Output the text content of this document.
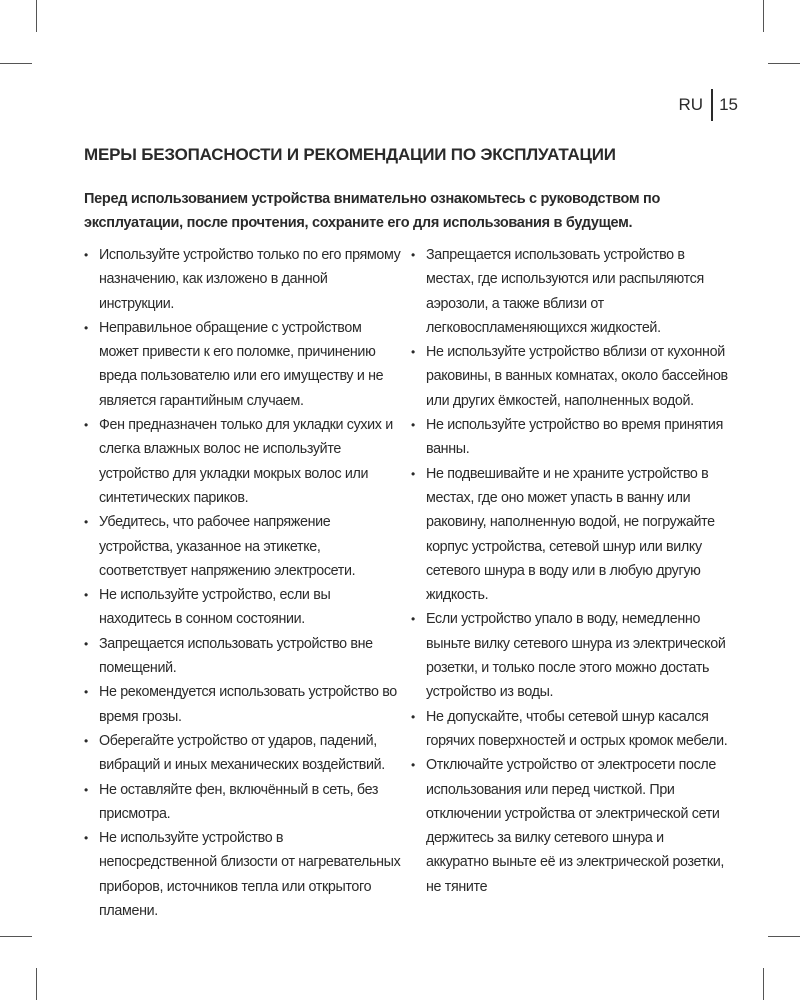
RU 15
МЕРЫ БЕЗОПАСНОСТИ И РЕКОМЕНДАЦИИ ПО ЭКСПЛУАТАЦИИ
Перед использованием устройства внимательно ознакомьтесь с руководством по эксплуатации, после прочтения, сохраните его для использования в будущем.
• Используйте устройство только по его прямому назначению, как изложено в данной инструкции.
• Неправильное обращение с устройством может привести к его поломке, причинению вреда пользователю или его имуществу и не является гарантийным случаем.
• Фен предназначен только для укладки сухих и слегка влажных волос не используйте устройство для укладки мокрых волос или синтетических париков.
• Убедитесь, что рабочее напряжение устройства, указанное на этикетке, соответствует напряжению электросети.
• Не используйте устройство, если вы находитесь в сонном состоянии.
• Запрещается использовать устройство вне помещений.
• Не рекомендуется использовать устройство во время грозы.
• Оберегайте устройство от ударов, падений, вибраций и иных механических воздействий.
• Не оставляйте фен, включённый в сеть, без присмотра.
• Не используйте устройство в непосредственной близости от нагревательных приборов, источников тепла или открытого пламени.
• Запрещается использовать устройство в местах, где используются или распыляются аэрозоли, а также вблизи от легковоспламеняющихся жидкостей.
• Не используйте устройство вблизи от кухонной раковины, в ванных комнатах, около бассейнов или других ёмкостей, наполненных водой.
• Не используйте устройство во время принятия ванны.
• Не подвешивайте и не храните устройство в местах, где оно может упасть в ванну или раковину, наполненную водой, не погружайте корпус устройства, сетевой шнур или вилку сетевого шнура в воду или в любую другую жидкость.
• Если устройство упало в воду, немедленно выньте вилку сетевого шнура из электрической розетки, и только после этого можно достать устройство из воды.
• Не допускайте, чтобы сетевой шнур касался горячих поверхностей и острых кромок мебели.
• Отключайте устройство от электросети после использования или перед чисткой. При отключении устройства от электрической сети держитесь за вилку сетевого шнура и аккуратно выньте её из электрической розетки, не тяните
